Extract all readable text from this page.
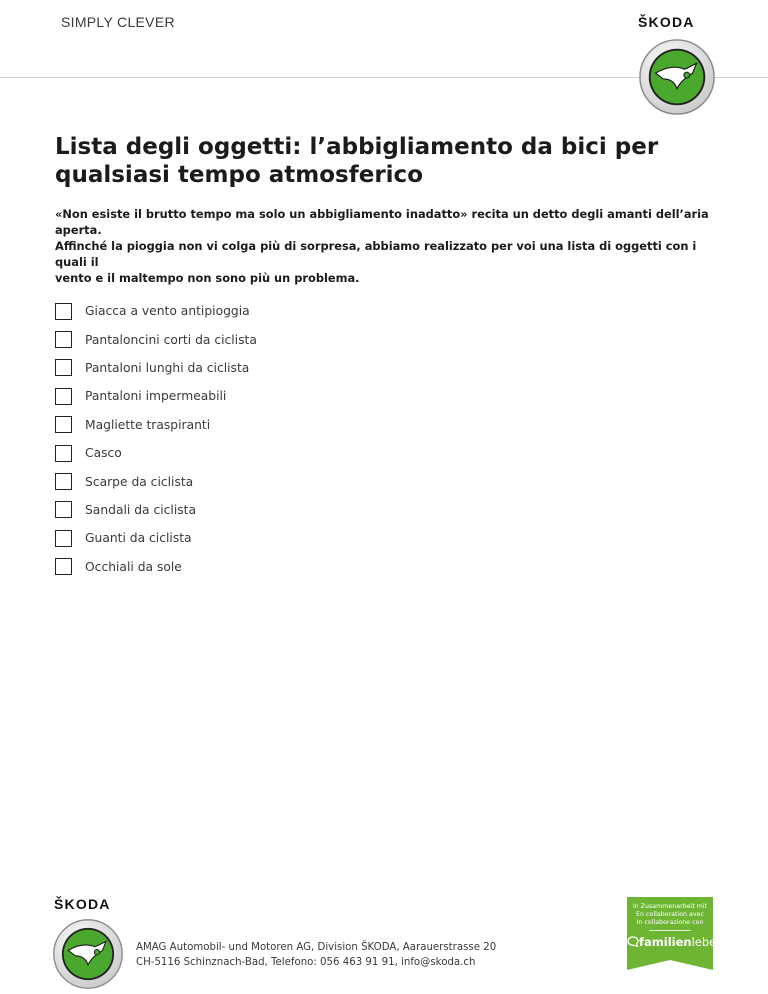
SIMPLY CLEVER	ŠKODA
Lista degli oggetti: l’abbigliamento da bici per
qualsiasi tempo atmosferico

«Non esiste il brutto tempo ma solo un abbigliamento inadatto» recita un detto degli amanti dell’aria aperta.
Affinché la pioggia non vi colga più di sorpresa, abbiamo realizzato per voi una lista di oggetti con i quali il
vento e il maltempo non sono più un problema.

Giacca a vento antipioggia
Pantaloncini corti da ciclista
Pantaloni lunghi da ciclista
Pantaloni impermeabili
Magliette traspiranti
Casco
Scarpe da ciclista
Sandali da ciclista
Guanti da ciclista
Occhiali da sole
ŠKODA
AMAG Automobil- und Motoren AG, Division ŠKODA, Aarauerstrasse 20
CH-5116 Schinznach-Bad, Telefono: 056 463 91 91, info@skoda.ch
In Zusammenarbeit mit
En collaboration avec
In collaborazione con
familienleben
